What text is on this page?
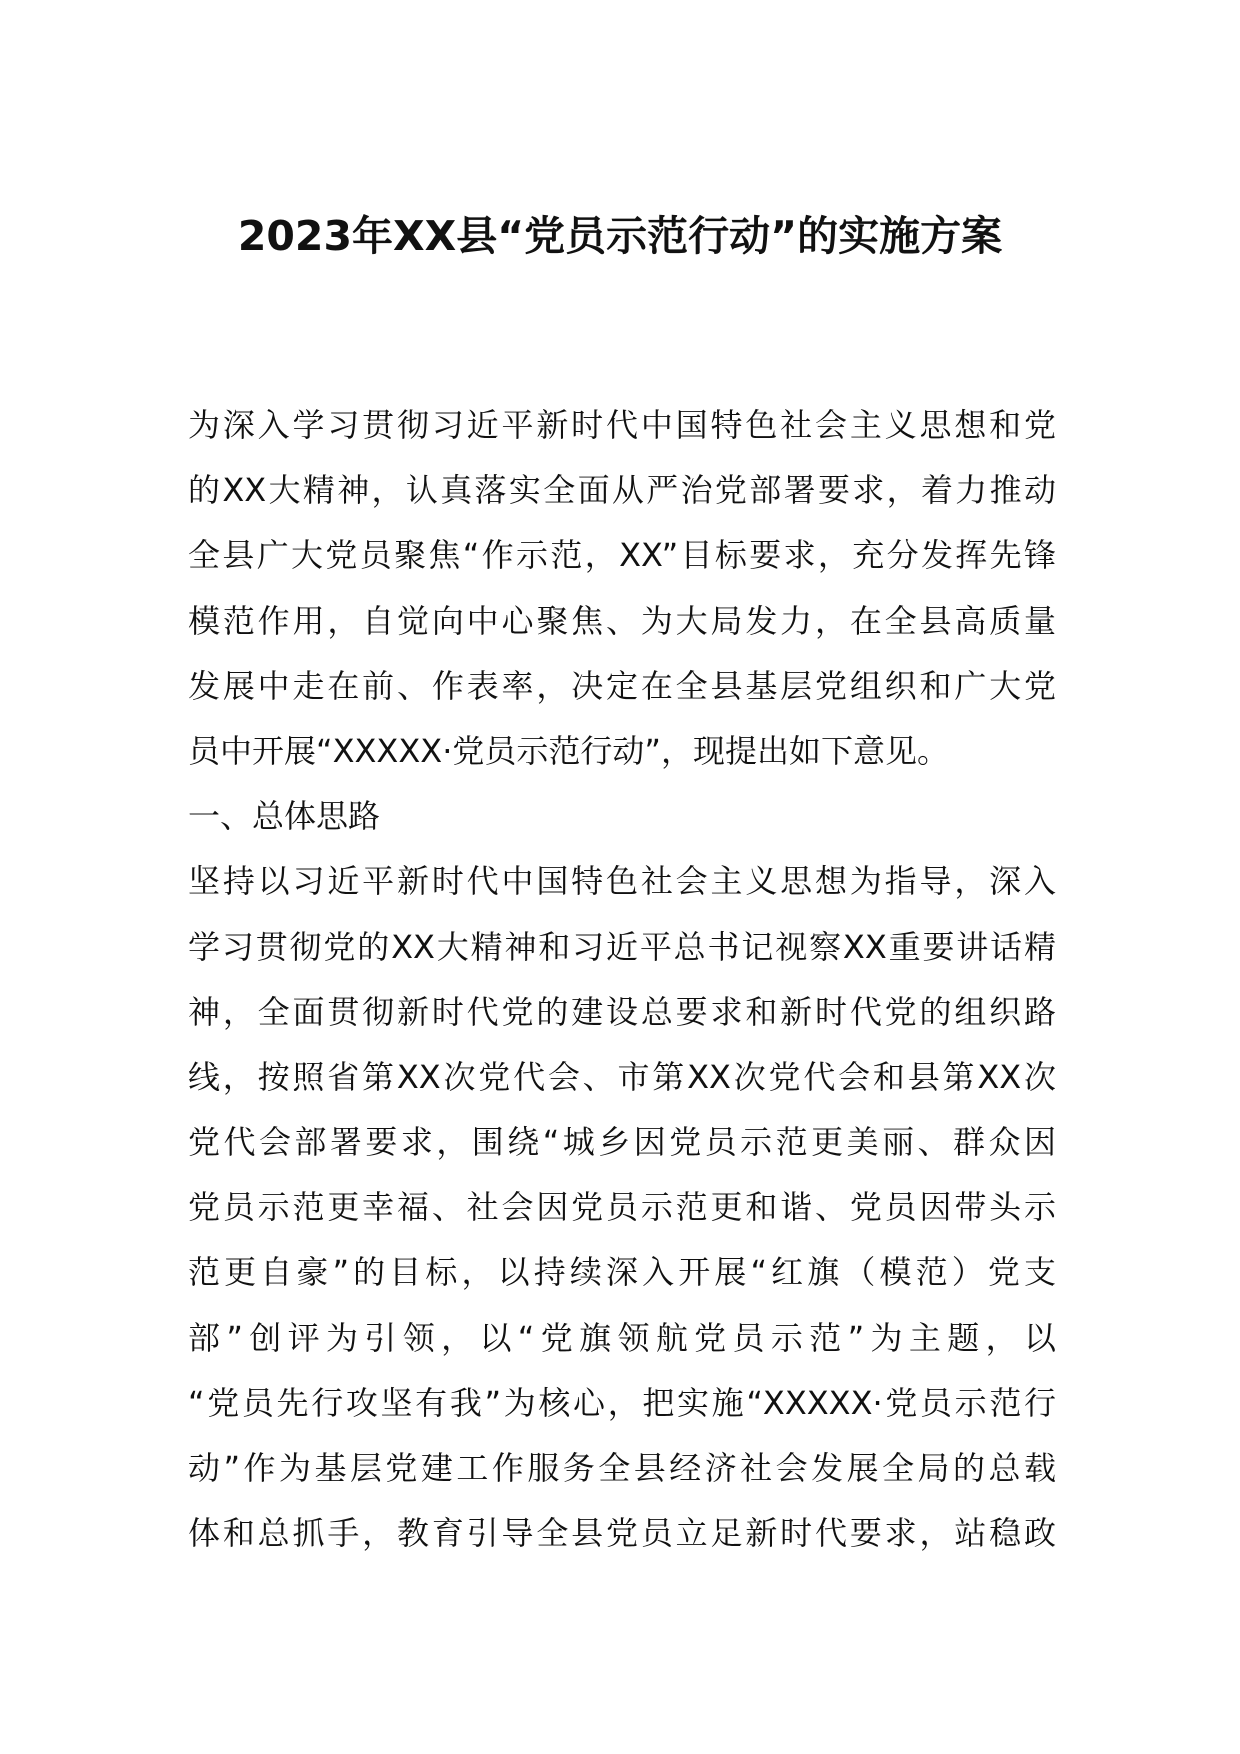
2023年XX县“党员示范行动”的实施方案
为深入学习贯彻习近平新时代中国特色社会主义思想和党
的XX大精神，认真落实全面从严治党部署要求，着力推动
全县广大党员聚焦“作示范，XX”目标要求，充分发挥先锋
模范作用，自觉向中心聚焦、为大局发力，在全县高质量
发展中走在前、作表率，决定在全县基层党组织和广大党
员中开展“XXXXX·党员示范行动”，现提出如下意见。
一、总体思路
坚持以习近平新时代中国特色社会主义思想为指导，深入
学习贯彻党的XX大精神和习近平总书记视察XX重要讲话精
神，全面贯彻新时代党的建设总要求和新时代党的组织路
线，按照省第XX次党代会、市第XX次党代会和县第XX次
党代会部署要求，围绕“城乡因党员示范更美丽、群众因
党员示范更幸福、社会因党员示范更和谐、党员因带头示
范更自豪”的目标，以持续深入开展“红旗（模范）党支
部”创评为引领，以“党旗领航党员示范”为主题，以
“党员先行攻坚有我”为核心，把实施“XXXXX·党员示范行
动”作为基层党建工作服务全县经济社会发展全局的总载
体和总抓手，教育引导全县党员立足新时代要求，站稳政
